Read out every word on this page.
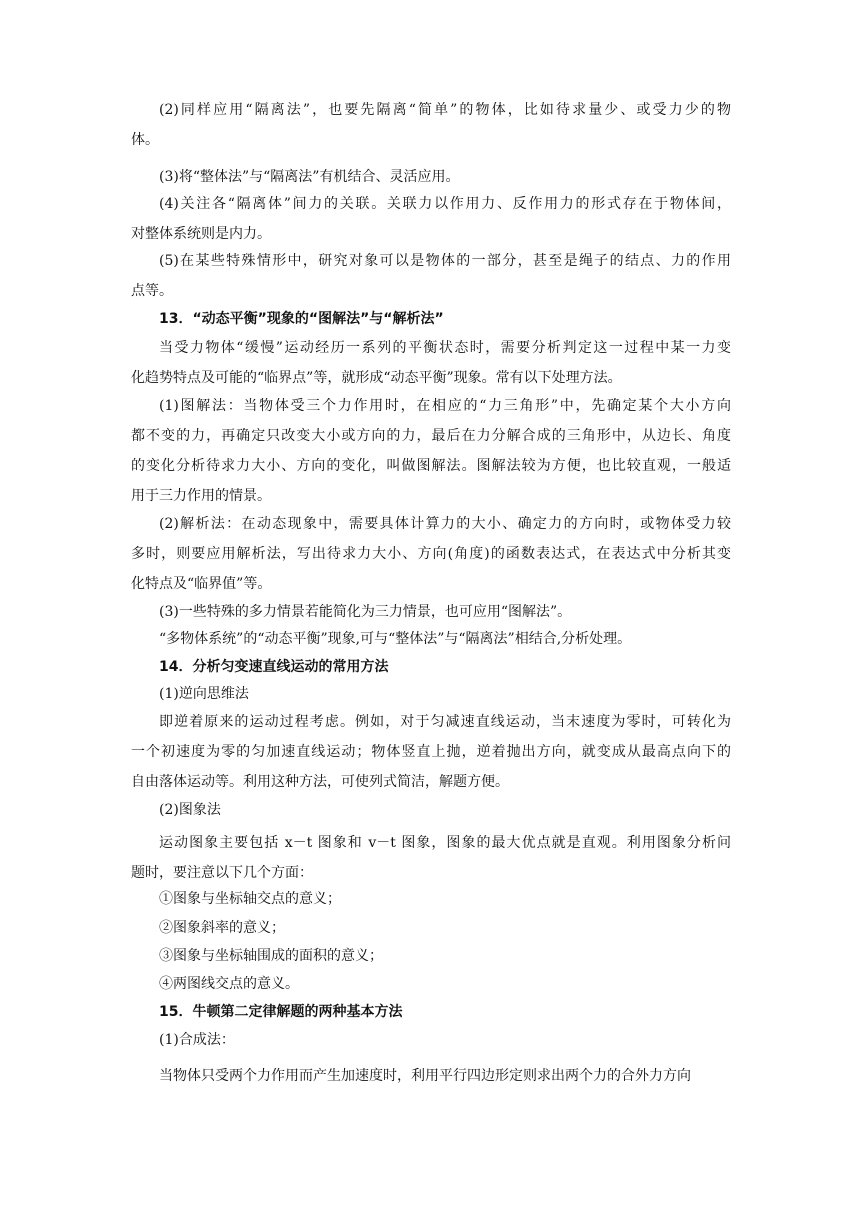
(2)同样应用“隔离法”，也要先隔离“简单”的物体，比如待求量少、或受力少的物

体。

(3)将“整体法”与“隔离法”有机结合、灵活应用。

(4)关注各“隔离体”间力的关联。关联力以作用力、反作用力的形式存在于物体间，

对整体系统则是内力。

(5)在某些特殊情形中，研究对象可以是物体的一部分，甚至是绳子的结点、力的作用

点等。

13．“动态平衡”现象的“图解法”与“解析法”

当受力物体“缓慢”运动经历一系列的平衡状态时，需要分析判定这一过程中某一力变

化趋势特点及可能的“临界点”等，就形成“动态平衡”现象。常有以下处理方法。

(1)图解法：当物体受三个力作用时，在相应的“力三角形”中，先确定某个大小方向

都不变的力，再确定只改变大小或方向的力，最后在力分解合成的三角形中，从边长、角度

的变化分析待求力大小、方向的变化，叫做图解法。图解法较为方便，也比较直观，一般适

用于三力作用的情景。

(2)解析法：在动态现象中，需要具体计算力的大小、确定力的方向时，或物体受力较

多时，则要应用解析法，写出待求力大小、方向(角度)的函数表达式，在表达式中分析其变

化特点及“临界值”等。

(3)一些特殊的多力情景若能简化为三力情景，也可应用“图解法”。

“多物体系统”的“动态平衡”现象,可与“整体法”与“隔离法”相结合,分析处理。

14．分析匀变速直线运动的常用方法

(1)逆向思维法

即逆着原来的运动过程考虑。例如，对于匀减速直线运动，当末速度为零时，可转化为

一个初速度为零的匀加速直线运动；物体竖直上抛，逆着抛出方向，就变成从最高点向下的

自由落体运动等。利用这种方法，可使列式简洁，解题方便。

(2)图象法

运动图象主要包括 x－t 图象和 v－t 图象，图象的最大优点就是直观。利用图象分析问

题时，要注意以下几个方面：

①图象与坐标轴交点的意义；

②图象斜率的意义；

③图象与坐标轴围成的面积的意义；

④两图线交点的意义。

15．牛顿第二定律解题的两种基本方法

(1)合成法：

当物体只受两个力作用而产生加速度时，利用平行四边形定则求出两个力的合外力方向
